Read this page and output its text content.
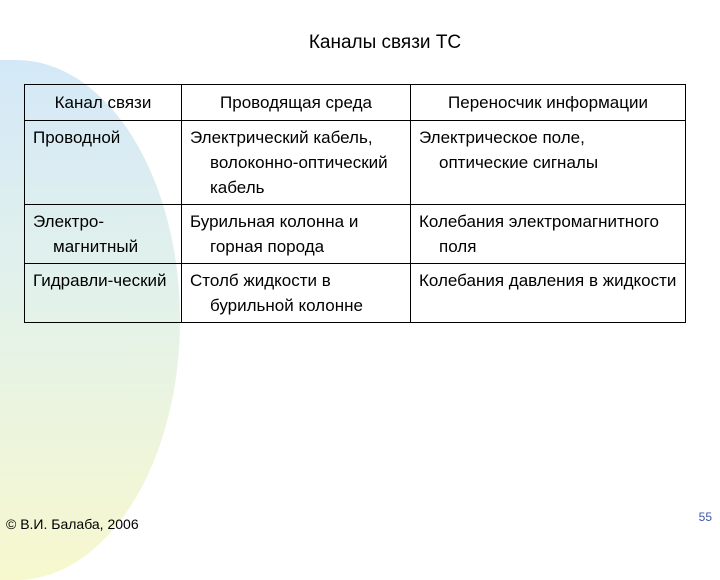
Каналы связи ТС
Канал связи	Проводящая среда	Переносчик информации
Проводной	Электрический кабель, волоконно-оптический кабель	Электрическое поле, оптические сигналы
Электро-магнитный	Бурильная колонна и горная порода	Колебания электромагнитного поля
Гидравли-ческий	Столб жидкости в бурильной колонне	Колебания давления в жидкости
© В.И. Балаба, 2006	55
